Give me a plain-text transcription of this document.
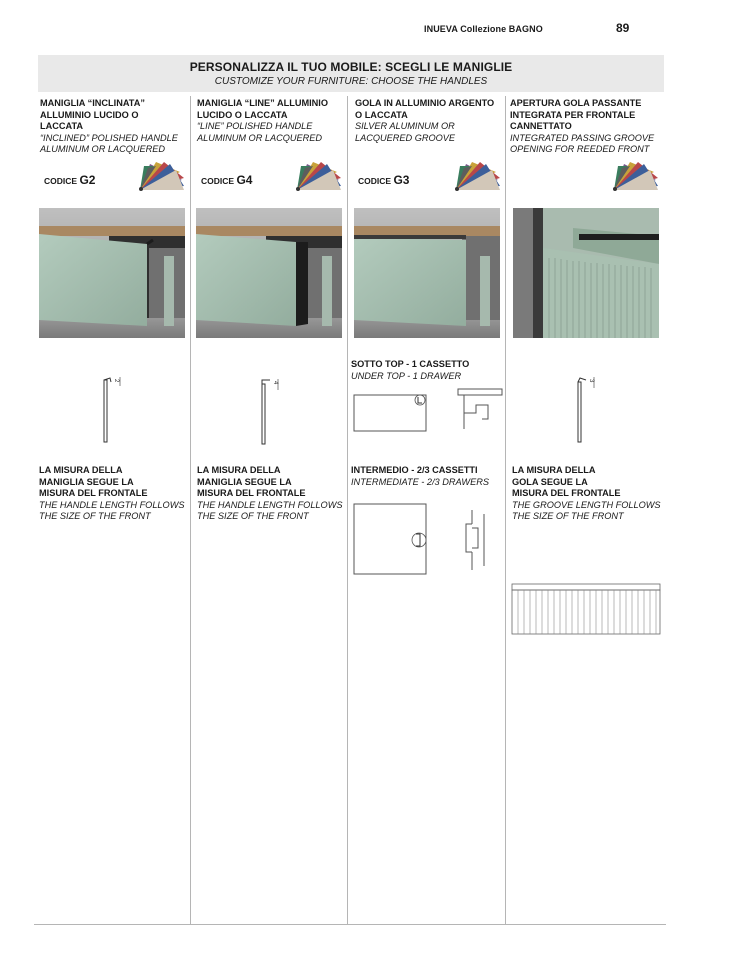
INUEVA Collezione BAGNO	89
PERSONALIZZA IL TUO MOBILE: SCEGLI LE MANIGLIE
CUSTOMIZE YOUR FURNITURE: CHOOSE THE HANDLES
MANIGLIA “INCLINATA”
ALLUMINIO LUCIDO O
LACCATA
“INCLINED” POLISHED HANDLE
ALUMINUM OR LACQUERED
CODICE G2
2
LA MISURA DELLA
MANIGLIA SEGUE LA
MISURA DEL FRONTALE
THE HANDLE LENGTH FOLLOWS
THE SIZE OF THE FRONT
MANIGLIA “LINE” ALLUMINIO
LUCIDO O LACCATA
“LINE” POLISHED HANDLE
ALUMINUM OR LACQUERED
CODICE G4
4
LA MISURA DELLA
MANIGLIA SEGUE LA
MISURA DEL FRONTALE
THE HANDLE LENGTH FOLLOWS
THE SIZE OF THE FRONT
GOLA IN ALLUMINIO ARGENTO
O LACCATA
SILVER ALUMINUM OR
LACQUERED GROOVE
CODICE G3
SOTTO TOP - 1 CASSETTO
UNDER TOP - 1 DRAWER
INTERMEDIO - 2/3 CASSETTI
INTERMEDIATE - 2/3 DRAWERS
APERTURA GOLA PASSANTE
INTEGRATA PER FRONTALE
CANNETTATO
INTEGRATED PASSING GROOVE
OPENING FOR REEDED FRONT
3
LA MISURA DELLA
GOLA SEGUE LA
MISURA DEL FRONTALE
THE GROOVE LENGTH FOLLOWS
THE SIZE OF THE FRONT
